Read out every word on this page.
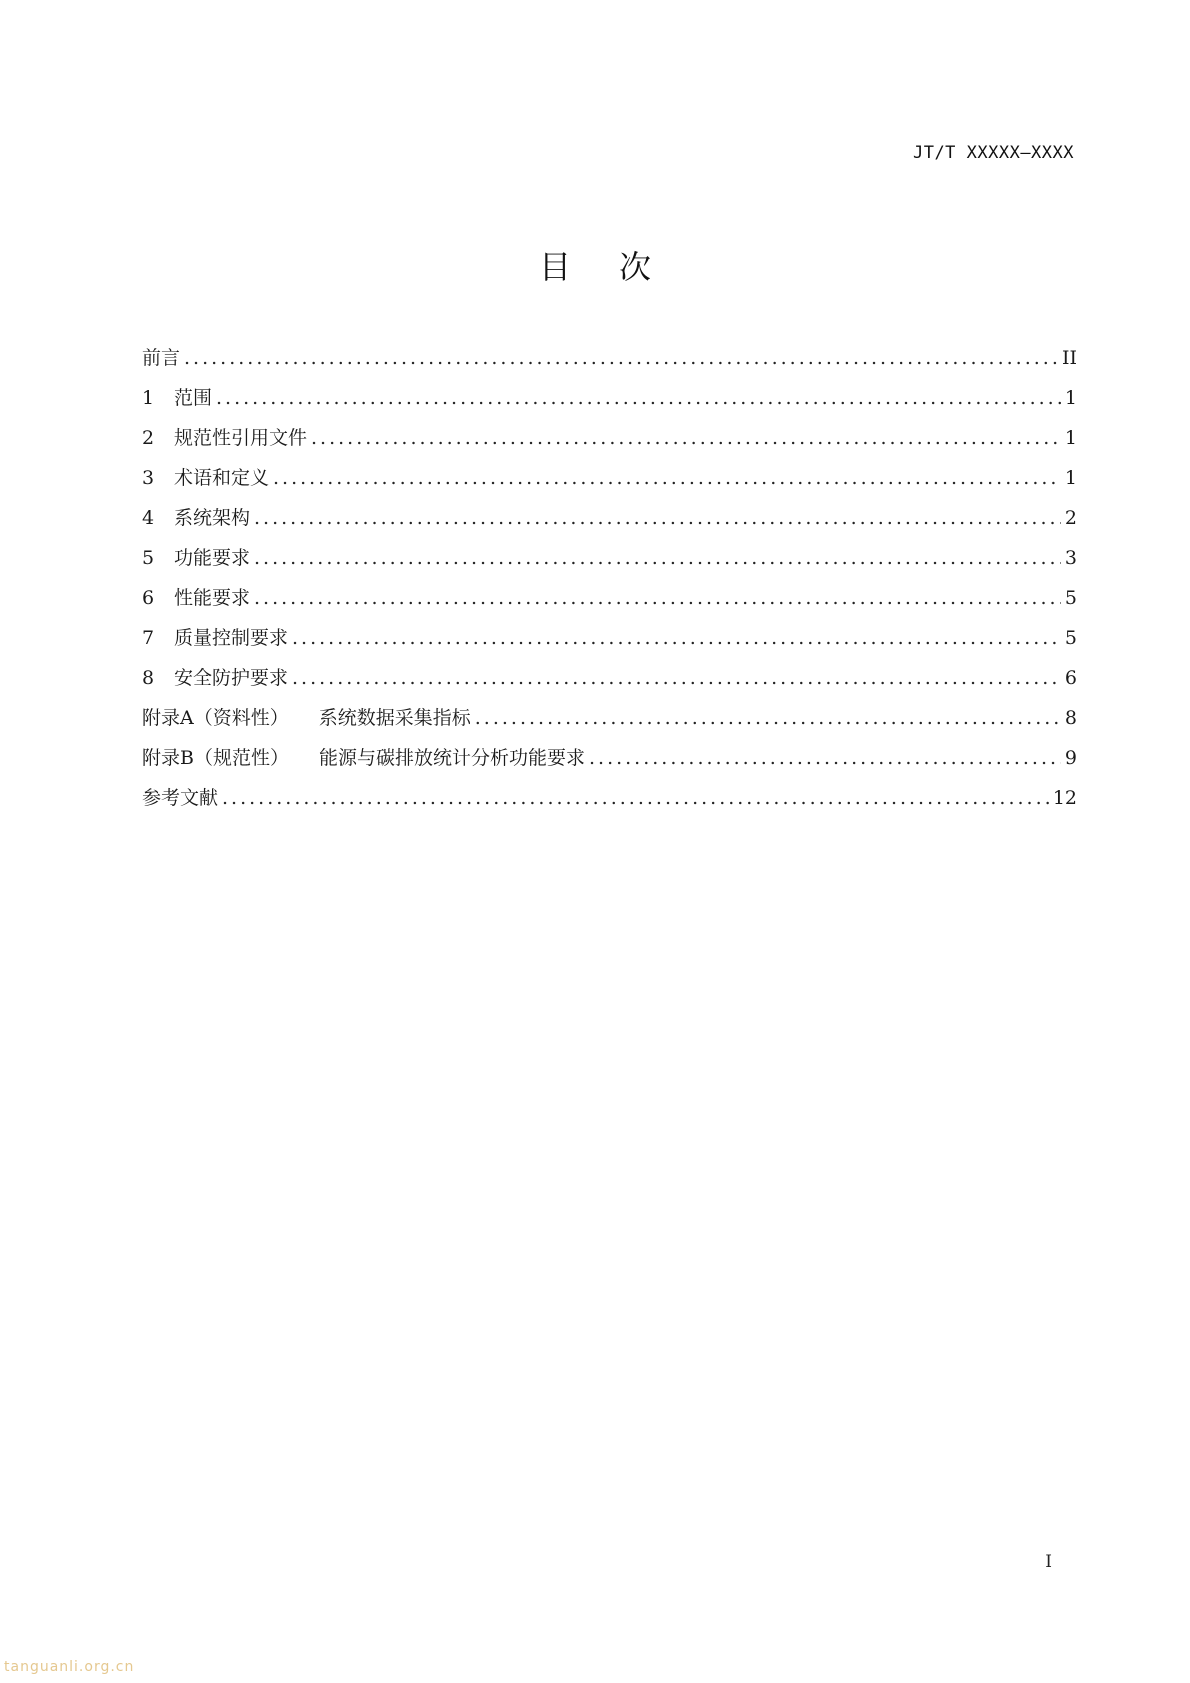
JT/T XXXXX—XXXX
目次
前言 .....	II
1	范围 .....	1
2	规范性引用文件 .....	1
3	术语和定义 .....	1
4	系统架构 .....	2
5	功能要求 .....	3
6	性能要求 .....	5
7	质量控制要求 .....	5
8	安全防护要求 .....	6
附录A（资料性） 系统数据采集指标 .....	8
附录B（规范性） 能源与碳排放统计分析功能要求 .....	9
参考文献 .....	12
I
tanguanli.org.cn
